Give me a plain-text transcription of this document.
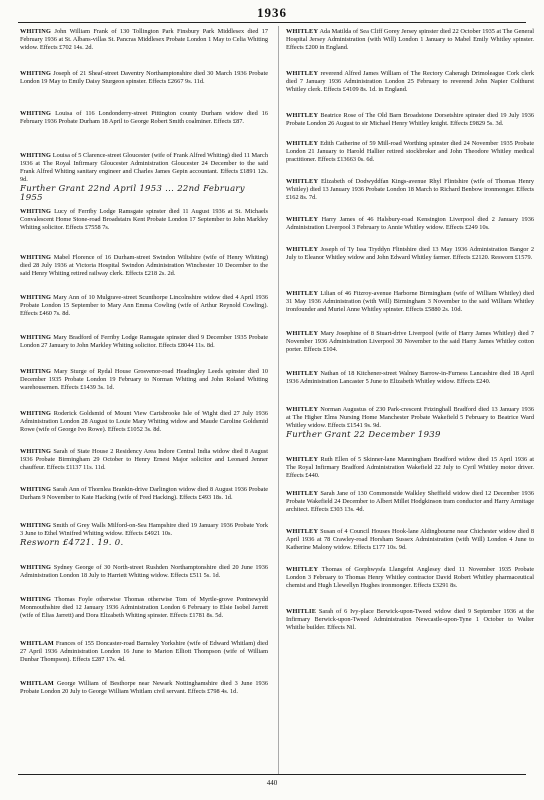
1936
WHITING John William Frank of 130 Tollington Park Finsbury Park Middlesex died 17 February 1936 at St. Albans-villas St. Pancras Middlesex Probate London 1 May to Celia Whiting widow. Effects £702 14s. 2d.
WHITING Joseph of 21 Sheaf-street Daventry Northamptonshire died 30 March 1936 Probate London 19 May to Emily Daisy Sturgeon spinster. Effects £2667 9s. 11d.
WHITING Louisa of 116 Londonderry-street Pittington county Durham widow died 16 February 1936 Probate Durham 18 April to George Robert Smith coalminer. Effects £87.
WHITING Louisa of 5 Clarence-street Gloucester (wife of Frank Alfred Whiting) died 11 March 1936 at The Royal Infirmary Gloucester Administration Gloucester 24 December to the said Frank Alfred Whiting sanitary engineer and Charles James Gepin accountant. Effects £1891 12s. 9d.
Further Grant 22nd April 1953 ... 22nd February 1955
WHITING Lucy of Ferriby Lodge Ramsgate spinster died 11 August 1936 at St. Michaels Convalescent Home Stone-road Broadstairs Kent Probate London 17 September to John Markley Whiting solicitor. Effects £7558 7s.
WHITING Mabel Florence of 16 Durham-street Swindon Wiltshire (wife of Henry Whiting) died 28 July 1936 at Victoria Hospital Swindon Administration Winchester 10 December to the said Henry Whiting retired railway clerk. Effects £218 2s. 2d.
WHITING Mary Ann of 10 Mulgrave-street Scunthorpe Lincolnshire widow died 4 April 1936 Probate London 15 September to Mary Ann Emma Cowling (wife of Arthur Reynold Cowling). Effects £460 7s. 8d.
WHITING Mary Bradford of Ferriby Lodge Ramsgate spinster died 9 December 1935 Probate London 27 January to John Markley Whiting solicitor. Effects £8044 11s. 8d.
WHITING Mary Sturge of Rydal House Grosvenor-road Headingley Leeds spinster died 10 December 1935 Probate London 19 February to Norman Whiting and John Roland Whiting warehousemen. Effects £1439 3s. 1d.
WHITING Roderick Goldsmid of Mount View Carisbrooke Isle of Wight died 27 July 1936 Administration London 28 August to Louie Mary Whiting widow and Maude Caroline Goldsmid Rowe (wife of George Ivo Rowe). Effects £1052 3s. 8d.
WHITING Sarah of State House 2 Residency Area Indore Central India widow died 8 August 1936 Probate Birmingham 29 October to Henry Ernest Major solicitor and Leonard Jenner chauffeur. Effects £1137 11s. 11d.
WHITING Sarah Ann of Thornlea Brankin-drive Darlington widow died 8 August 1936 Probate Durham 9 November to Kate Hacking (wife of Fred Hacking). Effects £493 18s. 1d.
WHITING Smith of Grey Walls Milford-on-Sea Hampshire died 19 January 1936 Probate York 3 June to Ethel Winifred Whiting widow. Effects £4921 10s.
Resworn £4721. 19. 0.
WHITING Sydney George of 30 North-street Rushden Northamptonshire died 20 June 1936 Administration London 18 July to Harriett Whiting widow. Effects £511 5s. 1d.
WHITING Thomas Foyle otherwise Thomas otherwise Tom of Myrtle-grove Pontnewydd Monmouthshire died 12 January 1936 Administration London 6 February to Elsie Isobel Jarrett (wife of Elias Jarrett) and Dora Elizabeth Whiting spinster. Effects £1781 8s. 5d.
WHITLAM Frances of 155 Doncaster-road Barnsley Yorkshire (wife of Edward Whitlam) died 27 April 1936 Administration London 16 June to Marion Elliott Thompson (wife of William Dunbar Thompson). Effects £287 17s. 4d.
WHITLAM George William of Besthorpe near Newark Nottinghamshire died 3 June 1936 Probate London 20 July to George William Whitlam civil servant. Effects £798 4s. 1d.
WHITLEY Ada Matilda of Sea Cliff Gorey Jersey spinster died 22 October 1935 at The General Hospital Jersey Administration (with Will) London 1 January to Mabel Emily Whitley spinster. Effects £200 in England.
WHITLEY reverend Alfred James William of The Rectory Caheragh Drimoleague Cork clerk died 7 January 1936 Administration London 25 February to reverend John Napier Colthurst Whitley clerk. Effects £4109 8s. 1d. in England.
WHITLEY Beatrice Rose of The Old Barn Broadstone Dorsetshire spinster died 19 July 1936 Probate London 26 August to sir Michael Henry Whitley knight. Effects £9829 5s. 3d.
WHITLEY Edith Catherine of 59 Mill-road Worthing spinster died 24 November 1935 Probate London 21 January to Harold Hallier retired stockbroker and John Theodore Whitley medical practitioner. Effects £13663 0s. 6d.
WHITLEY Elizabeth of Dodwyddfan Kings-avenue Rhyl Flintshire (wife of Thomas Henry Whitley) died 13 January 1936 Probate London 18 March to Richard Benbow ironmonger. Effects £162 8s. 7d.
WHITLEY Harry James of 46 Halsbury-road Kensington Liverpool died 2 January 1936 Administration Liverpool 3 February to Annie Whitley widow. Effects £249 10s.
WHITLEY Joseph of Ty Issa Tryddyn Flintshire died 13 May 1936 Administration Bangor 2 July to Eleanor Whitley widow and John Edward Whitley farmer. Effects £2120. Resworn £1579.
WHITLEY Lilian of 46 Fitzroy-avenue Harborne Birmingham (wife of William Whitley) died 31 May 1936 Administration (with Will) Birmingham 3 November to the said William Whitley ironfounder and Muriel Anne Whitley spinster. Effects £5880 2s. 10d.
WHITLEY Mary Josephine of 8 Stuart-drive Liverpool (wife of Harry James Whitley) died 7 November 1936 Administration Liverpool 30 November to the said Harry James Whitley cotton porter. Effects £104.
WHITLEY Nathan of 18 Kitchener-street Walney Barrow-in-Furness Lancashire died 18 April 1936 Administration Lancaster 5 June to Elizabeth Whitley widow. Effects £240.
WHITLEY Norman Augustus of 230 Park-crescent Frizinghall Bradford died 13 January 1936 at The Higher Elms Nursing Home Manchester Probate Wakefield 5 February to Beatrice Ward Whitley widow. Effects £1541 9s. 9d.
Further Grant 22 December 1939
WHITLEY Ruth Ellen of 5 Skinner-lane Manningham Bradford widow died 15 April 1936 at The Royal Infirmary Bradford Administration Wakefield 22 July to Cyril Whitley motor driver. Effects £440.
WHITLEY Sarah Jane of 130 Commonside Walkley Sheffield widow died 12 December 1936 Probate Wakefield 24 December to Albert Millet Hodgkinson tram conductor and Harry Armitage architect. Effects £303 13s. 4d.
WHITLEY Susan of 4 Council Houses Hook-lane Aldingbourne near Chichester widow died 8 April 1936 at 78 Crawley-road Horsham Sussex Administration (with Will) London 4 June to Katherine Malony widow. Effects £177 10s. 9d.
WHITLEY Thomas of Gorphwysfa Llangefni Anglesey died 11 November 1935 Probate London 3 February to Thomas Henry Whitley contractor David Robert Whitley pharmaceutical chemist and Hugh Llewellyn Hughes ironmonger. Effects £3291 8s.
WHITLIE Sarah of 6 Ivy-place Berwick-upon-Tweed widow died 9 September 1936 at the Infirmary Berwick-upon-Tweed Administration Newcastle-upon-Tyne 1 October to Walter Whitlie builder. Effects Nil.
440
